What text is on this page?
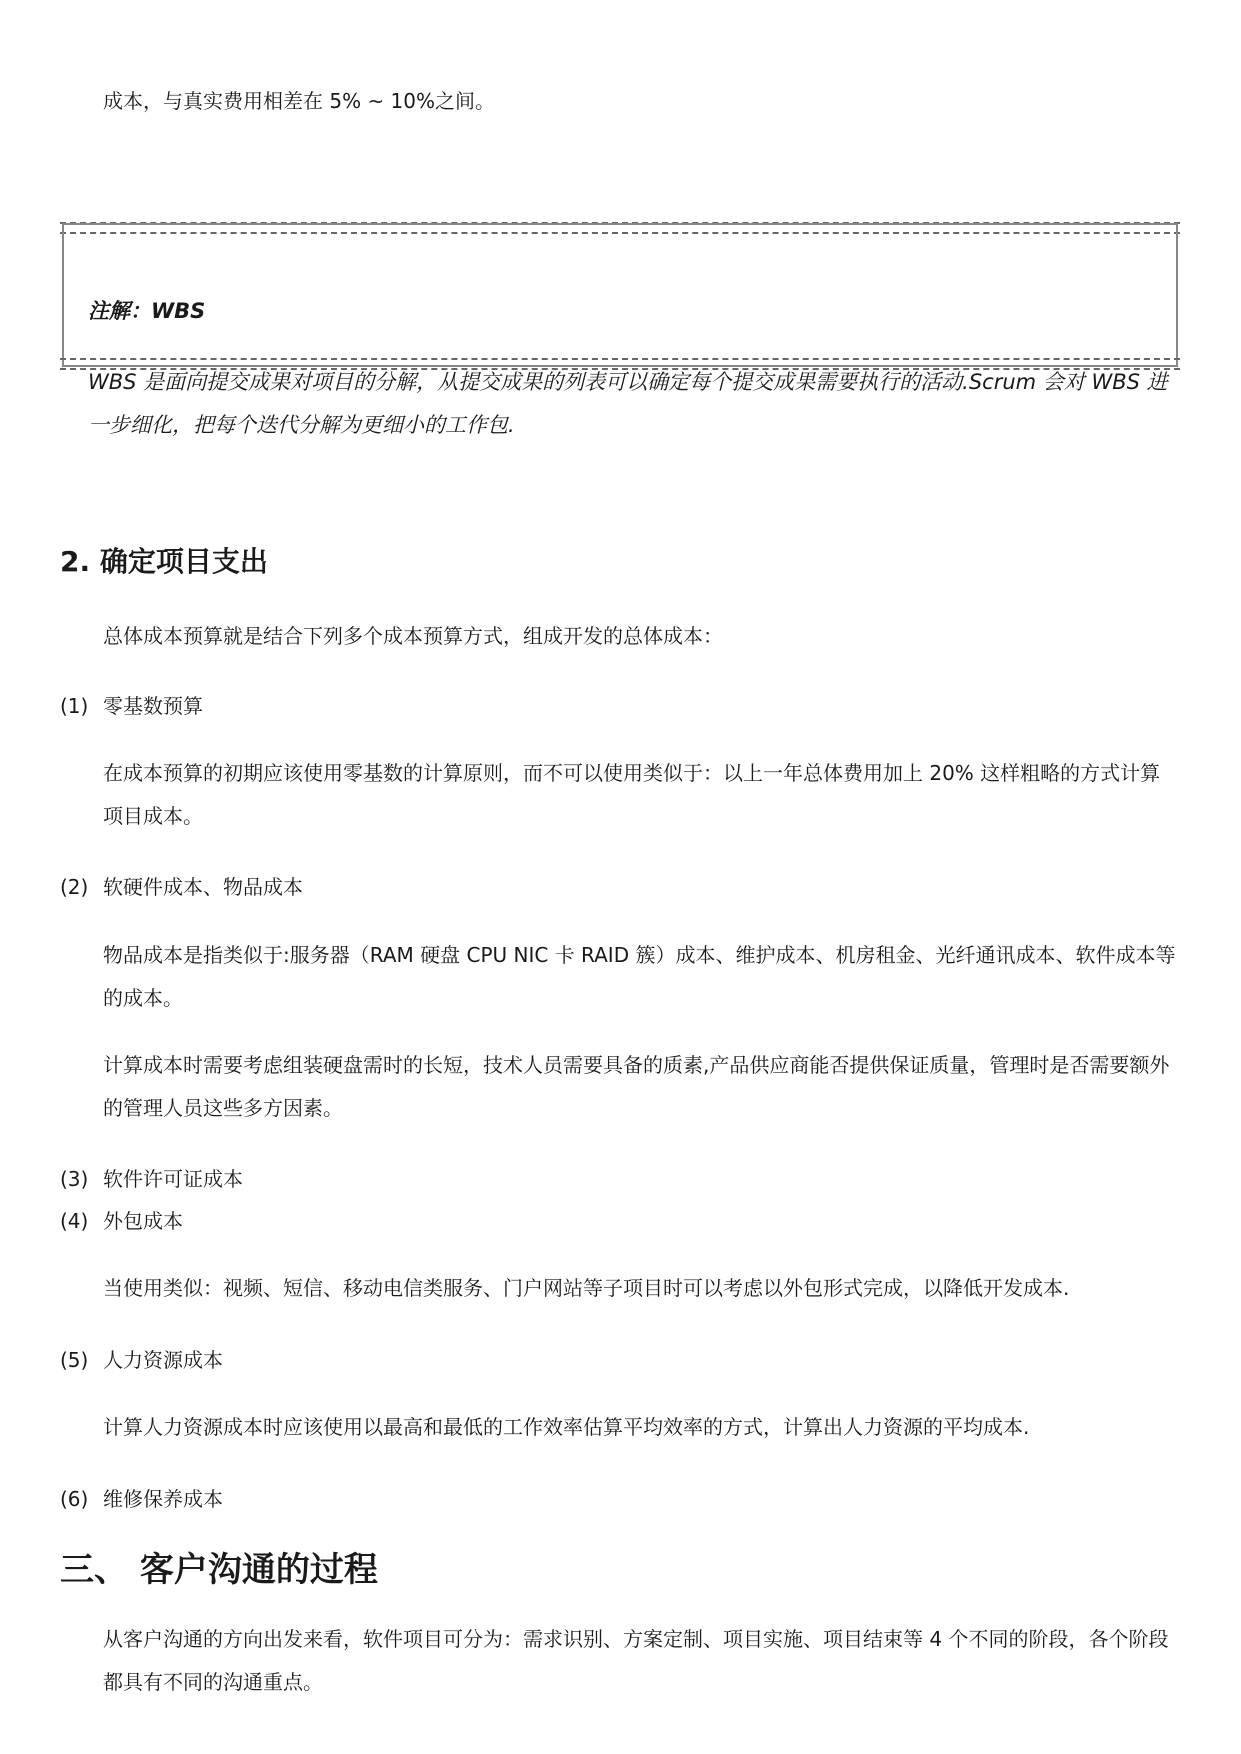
成本，与真实费用相差在 5% ~ 10%之间。
注解：WBS
WBS 是面向提交成果对项目的分解，从提交成果的列表可以确定每个提交成果需要执行的活动.Scrum 会对 WBS 进一步细化，把每个迭代分解为更细小的工作包.
2. 确定项目支出
总体成本预算就是结合下列多个成本预算方式，组成开发的总体成本：
(1) 零基数预算
在成本预算的初期应该使用零基数的计算原则，而不可以使用类似于：以上一年总体费用加上 20% 这样粗略的方式计算项目成本。
(2) 软硬件成本、物品成本
物品成本是指类似于:服务器（RAM 硬盘 CPU NIC 卡 RAID 簇）成本、维护成本、机房租金、光纤通讯成本、软件成本等的成本。
计算成本时需要考虑组装硬盘需时的长短，技术人员需要具备的质素,产品供应商能否提供保证质量，管理时是否需要额外的管理人员这些多方因素。
(3) 软件许可证成本
(4) 外包成本
当使用类似：视频、短信、移动电信类服务、门户网站等子项目时可以考虑以外包形式完成，以降低开发成本.
(5) 人力资源成本
计算人力资源成本时应该使用以最高和最低的工作效率估算平均效率的方式，计算出人力资源的平均成本.
(6) 维修保养成本
三、 客户沟通的过程
从客户沟通的方向出发来看，软件项目可分为：需求识别、方案定制、项目实施、项目结束等 4 个不同的阶段，各个阶段都具有不同的沟通重点。
